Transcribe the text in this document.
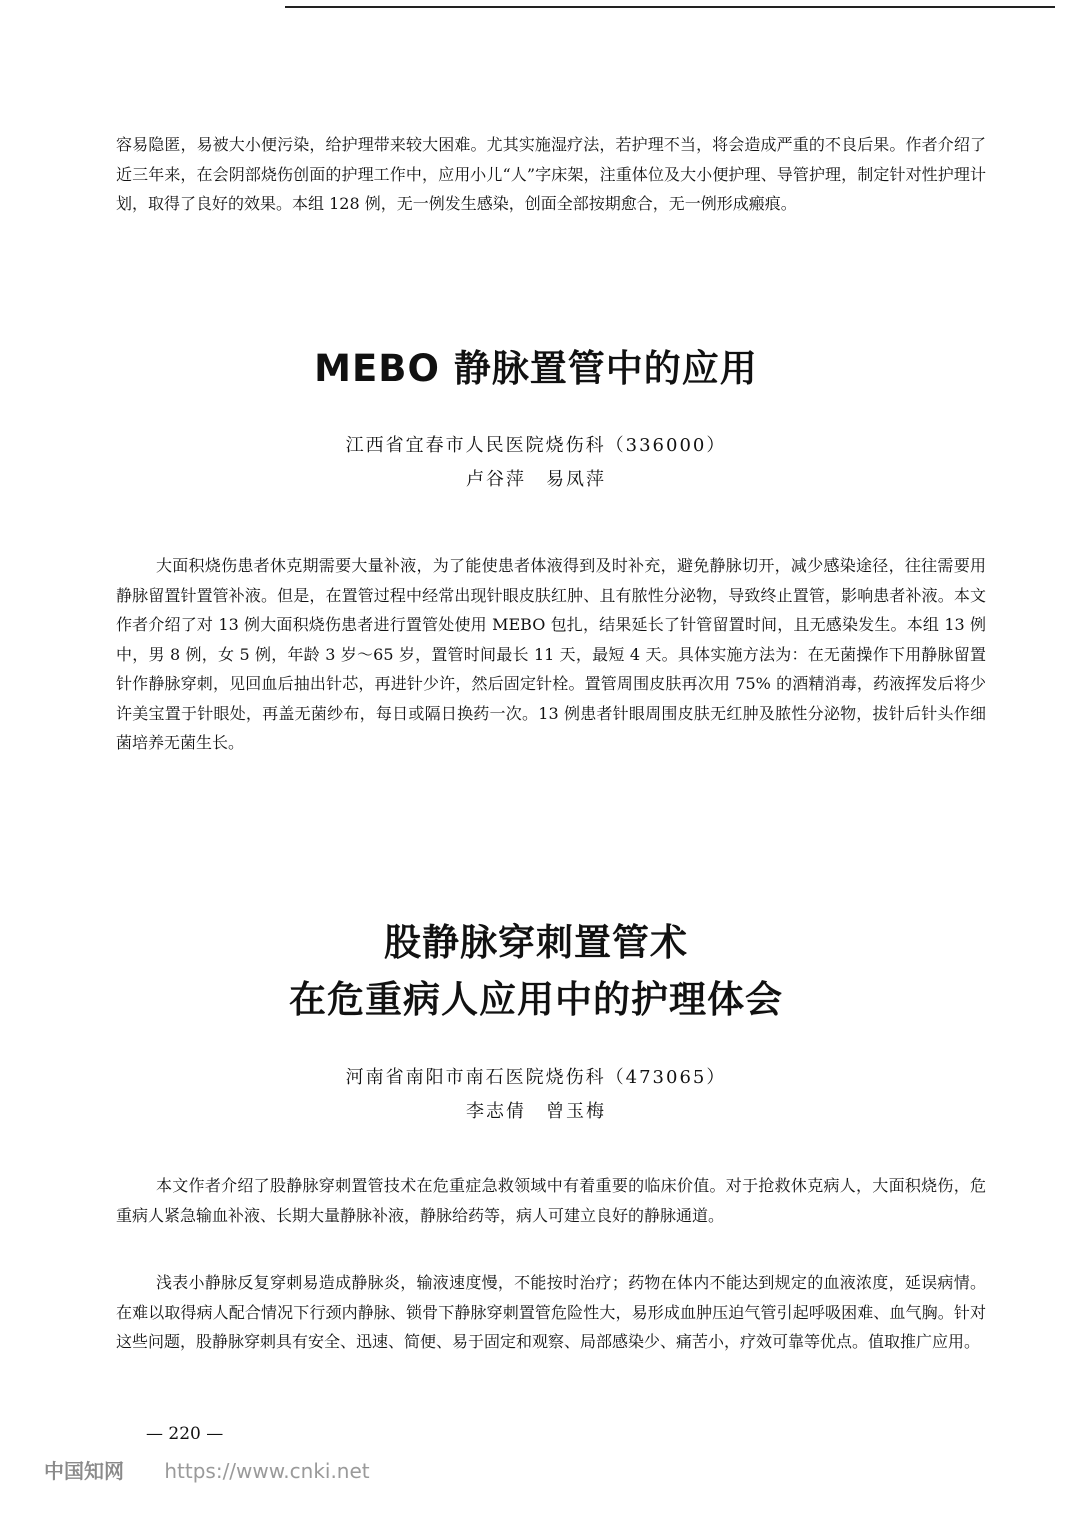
容易隐匿，易被大小便污染，给护理带来较大困难。尤其实施湿疗法，若护理不当，将会造成严重的不良后果。作者介绍了近三年来，在会阴部烧伤创面的护理工作中，应用小儿“人”字床架，注重体位及大小便护理、导管护理，制定针对性护理计划，取得了良好的效果。本组 128 例，无一例发生感染，创面全部按期愈合，无一例形成瘢痕。

MEBO 静脉置管中的应用

江西省宜春市人民医院烧伤科（336000）

卢谷萍　易凤萍

大面积烧伤患者休克期需要大量补液，为了能使患者体液得到及时补充，避免静脉切开，减少感染途径，往往需要用静脉留置针置管补液。但是，在置管过程中经常出现针眼皮肤红肿、且有脓性分泌物，导致终止置管，影响患者补液。本文作者介绍了对 13 例大面积烧伤患者进行置管处使用 MEBO 包扎，结果延长了针管留置时间，且无感染发生。本组 13 例中，男 8 例，女 5 例，年龄 3 岁～65 岁，置管时间最长 11 天，最短 4 天。具体实施方法为：在无菌操作下用静脉留置针作静脉穿刺，见回血后抽出针芯，再进针少许，然后固定针栓。置管周围皮肤再次用 75% 的酒精消毒，药液挥发后将少许美宝置于针眼处，再盖无菌纱布，每日或隔日换药一次。13 例患者针眼周围皮肤无红肿及脓性分泌物，拔针后针头作细菌培养无菌生长。

股静脉穿刺置管术
在危重病人应用中的护理体会

河南省南阳市南石医院烧伤科（473065）

李志倩　曾玉梅

本文作者介绍了股静脉穿刺置管技术在危重症急救领域中有着重要的临床价值。对于抢救休克病人，大面积烧伤，危重病人紧急输血补液、长期大量静脉补液，静脉给药等，病人可建立良好的静脉通道。

浅表小静脉反复穿刺易造成静脉炎，输液速度慢，不能按时治疗；药物在体内不能达到规定的血液浓度，延误病情。在难以取得病人配合情况下行颈内静脉、锁骨下静脉穿刺置管危险性大，易形成血肿压迫气管引起呼吸困难、血气胸。针对这些问题，股静脉穿刺具有安全、迅速、简便、易于固定和观察、局部感染少、痛苦小，疗效可靠等优点。值取推广应用。

— 220 —
中国知网 https://www.cnki.net
